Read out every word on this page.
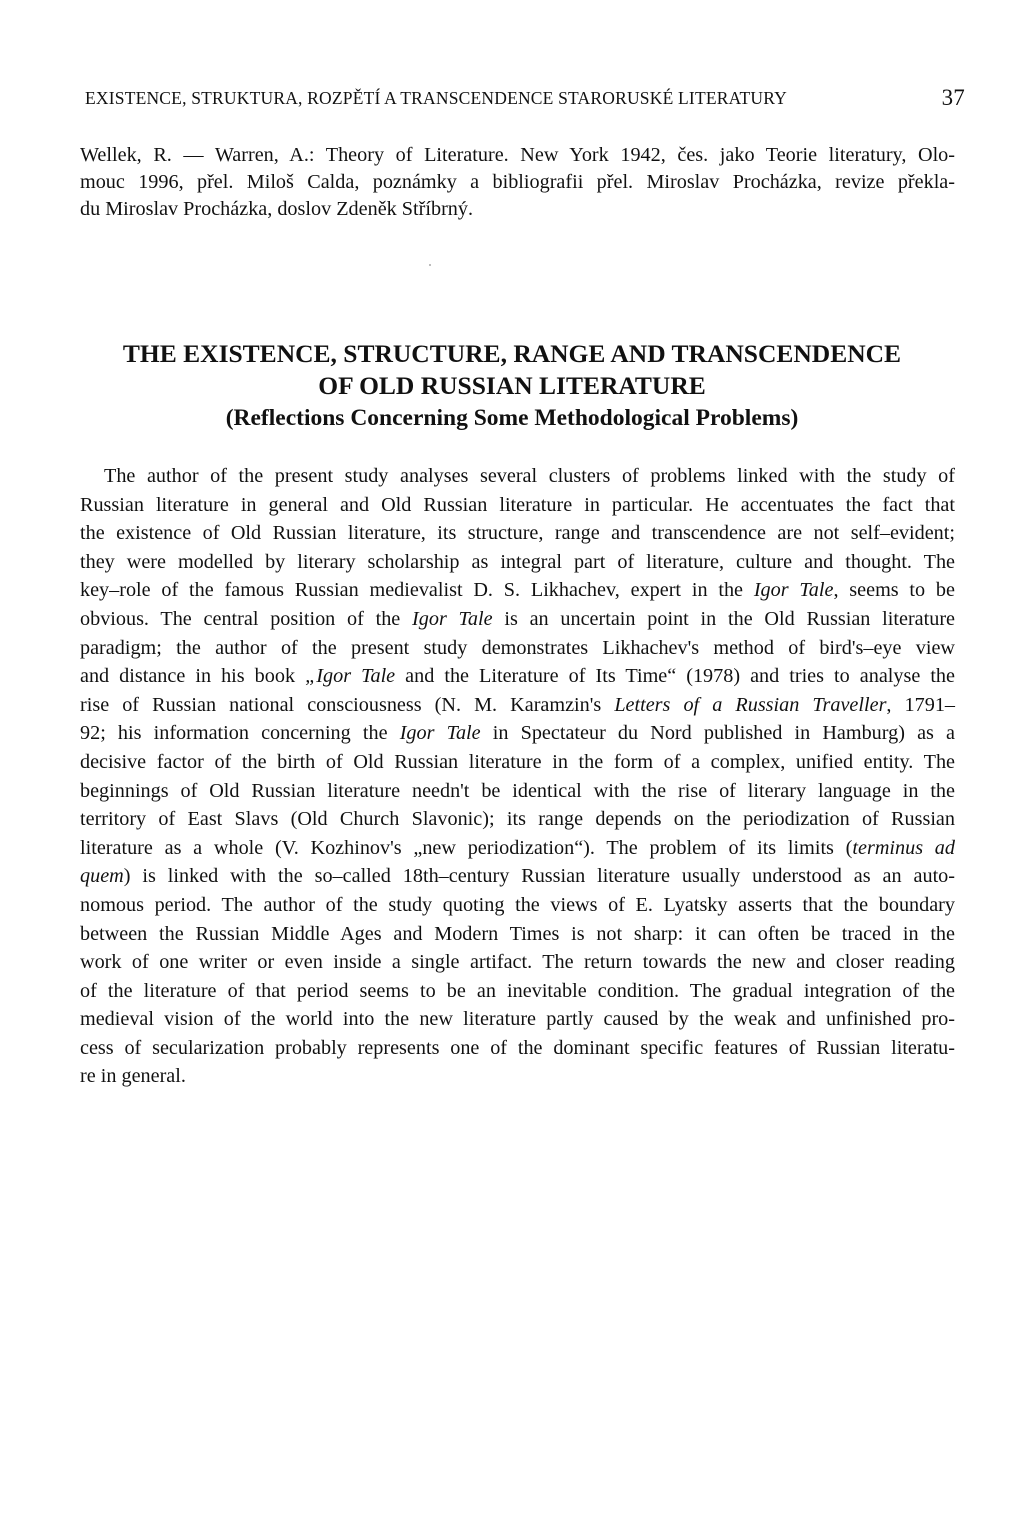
EXISTENCE, STRUKTURA, ROZPĚTÍ A TRANSCENDENCE STARORUSKÉ LITERATURY	37
Wellek, R. — Warren, A.: Theory of Literature. New York 1942, čes. jako Teorie literatury, Olo-
mouc 1996, přel. Miloš Calda, poznámky a bibliografii přel. Miroslav Procházka, revize překla-
du Miroslav Procházka, doslov Zdeněk Stříbrný.
THE EXISTENCE, STRUCTURE, RANGE AND TRANSCENDENCE
OF OLD RUSSIAN LITERATURE
(Reflections Concerning Some Methodological Problems)
The author of the present study analyses several clusters of problems linked with the study of
Russian literature in general and Old Russian literature in particular. He accentuates the fact that
the existence of Old Russian literature, its structure, range and transcendence are not self–evident;
they were modelled by literary scholarship as integral part of literature, culture and thought. The
key–role of the famous Russian medievalist D. S. Likhachev, expert in the Igor Tale, seems to be
obvious. The central position of the Igor Tale is an uncertain point in the Old Russian literature
paradigm; the author of the present study demonstrates Likhachev's method of bird's–eye view
and distance in his book „Igor Tale and the Literature of Its Time“ (1978) and tries to analyse the
rise of Russian national consciousness (N. M. Karamzin's Letters of a Russian Traveller, 1791–
92; his information concerning the Igor Tale in Spectateur du Nord published in Hamburg) as a
decisive factor of the birth of Old Russian literature in the form of a complex, unified entity. The
beginnings of Old Russian literature needn't be identical with the rise of literary language in the
territory of East Slavs (Old Church Slavonic); its range depends on the periodization of Russian
literature as a whole (V. Kozhinov's „new periodization“). The problem of its limits (terminus ad
quem) is linked with the so–called 18th–century Russian literature usually understood as an auto-
nomous period. The author of the study quoting the views of E. Lyatsky asserts that the boundary
between the Russian Middle Ages and Modern Times is not sharp: it can often be traced in the
work of one writer or even inside a single artifact. The return towards the new and closer reading
of the literature of that period seems to be an inevitable condition. The gradual integration of the
medieval vision of the world into the new literature partly caused by the weak and unfinished pro-
cess of secularization probably represents one of the dominant specific features of Russian literatu-
re in general.
